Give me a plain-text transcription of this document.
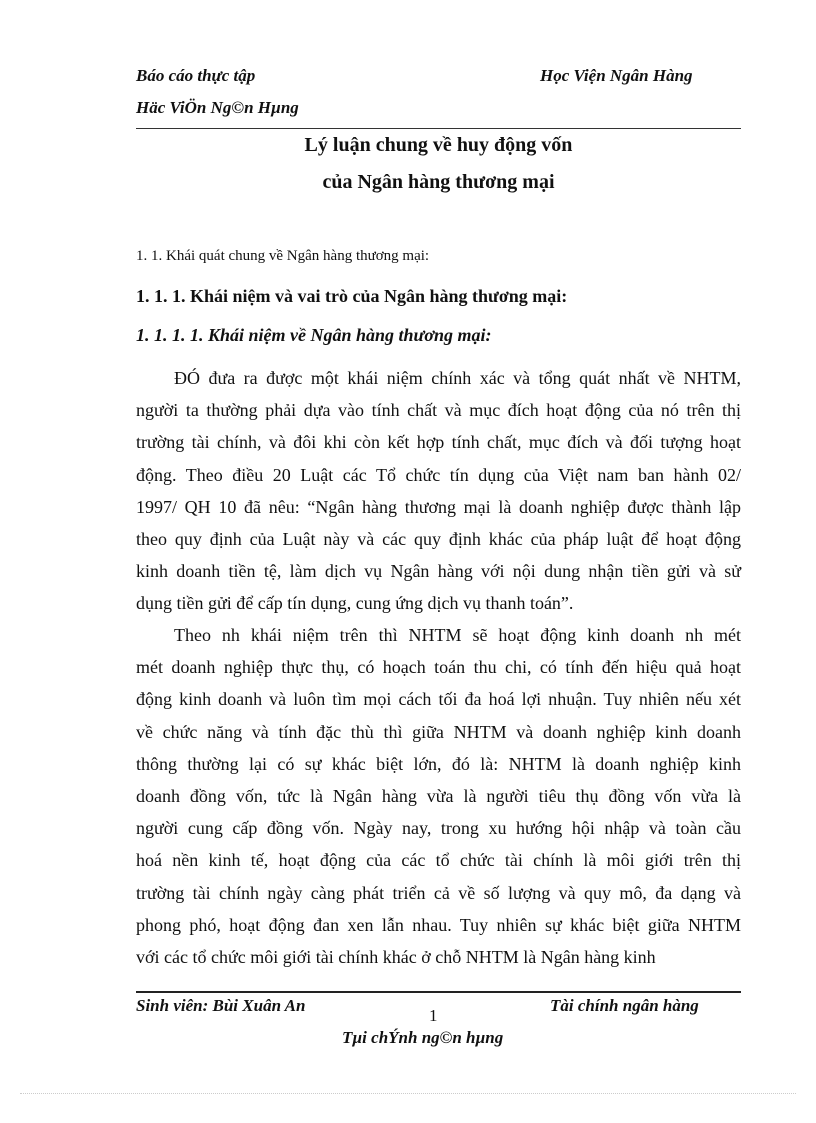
Báo cáo thực tập	Học Viện Ngân Hàng
Häc ViÖn Ng©n Hµng
Lý luận chung về huy động vốn
của Ngân hàng thương mại
1. 1. Khái quát chung về Ngân hàng thương mại:
1. 1. 1. Khái niệm và vai trò của Ngân hàng thương mại:
1. 1. 1. 1. Khái niệm về Ngân hàng thương mại:
ĐÓ đưa ra được một khái niệm chính xác và tổng quát nhất về NHTM,
người ta thường phải dựa vào tính chất và mục đích hoạt động của nó trên thị
trường tài chính, và đôi khi còn kết hợp tính chất, mục đích và đối tượng hoạt
động. Theo điều 20 Luật các Tổ chức tín dụng của Việt nam ban hành 02/
1997/ QH 10 đã nêu: “Ngân hàng thương mại là doanh nghiệp được thành lập
theo quy định của Luật này và các quy định khác của pháp luật để hoạt động
kinh doanh tiền tệ, làm dịch vụ Ngân hàng với nội dung nhận tiền gửi và sử
dụng tiền gửi để cấp tín dụng, cung ứng dịch vụ thanh toán”.
Theo nh khái niệm trên thì NHTM sẽ hoạt động kinh doanh nh mét
mét doanh nghiệp thực thụ, có hoạch toán thu chi, có tính đến hiệu quả hoạt
động kinh doanh và luôn tìm mọi cách tối đa hoá lợi nhuận. Tuy nhiên nếu xét
về chức năng và tính đặc thù thì giữa NHTM và doanh nghiệp kinh doanh
thông thường lại có sự khác biệt lớn, đó là: NHTM là doanh nghiệp kinh
doanh đồng vốn, tức là Ngân hàng vừa là người tiêu thụ đồng vốn vừa là
người cung cấp đồng vốn. Ngày nay, trong xu hướng hội nhập và toàn cầu
hoá nền kinh tế, hoạt động của các tổ chức tài chính là môi giới trên thị
trường tài chính ngày càng phát triển cả về số lượng và quy mô, đa dạng và
phong phó, hoạt động đan xen lẫn nhau. Tuy nhiên sự khác biệt giữa NHTM
với các tổ chức môi giới tài chính khác ở chỗ NHTM là Ngân hàng kinh
Sinh viên: Bùi Xuân An
1
Tài chính ngân hàng
Tµi chÝnh ng©n hµng
